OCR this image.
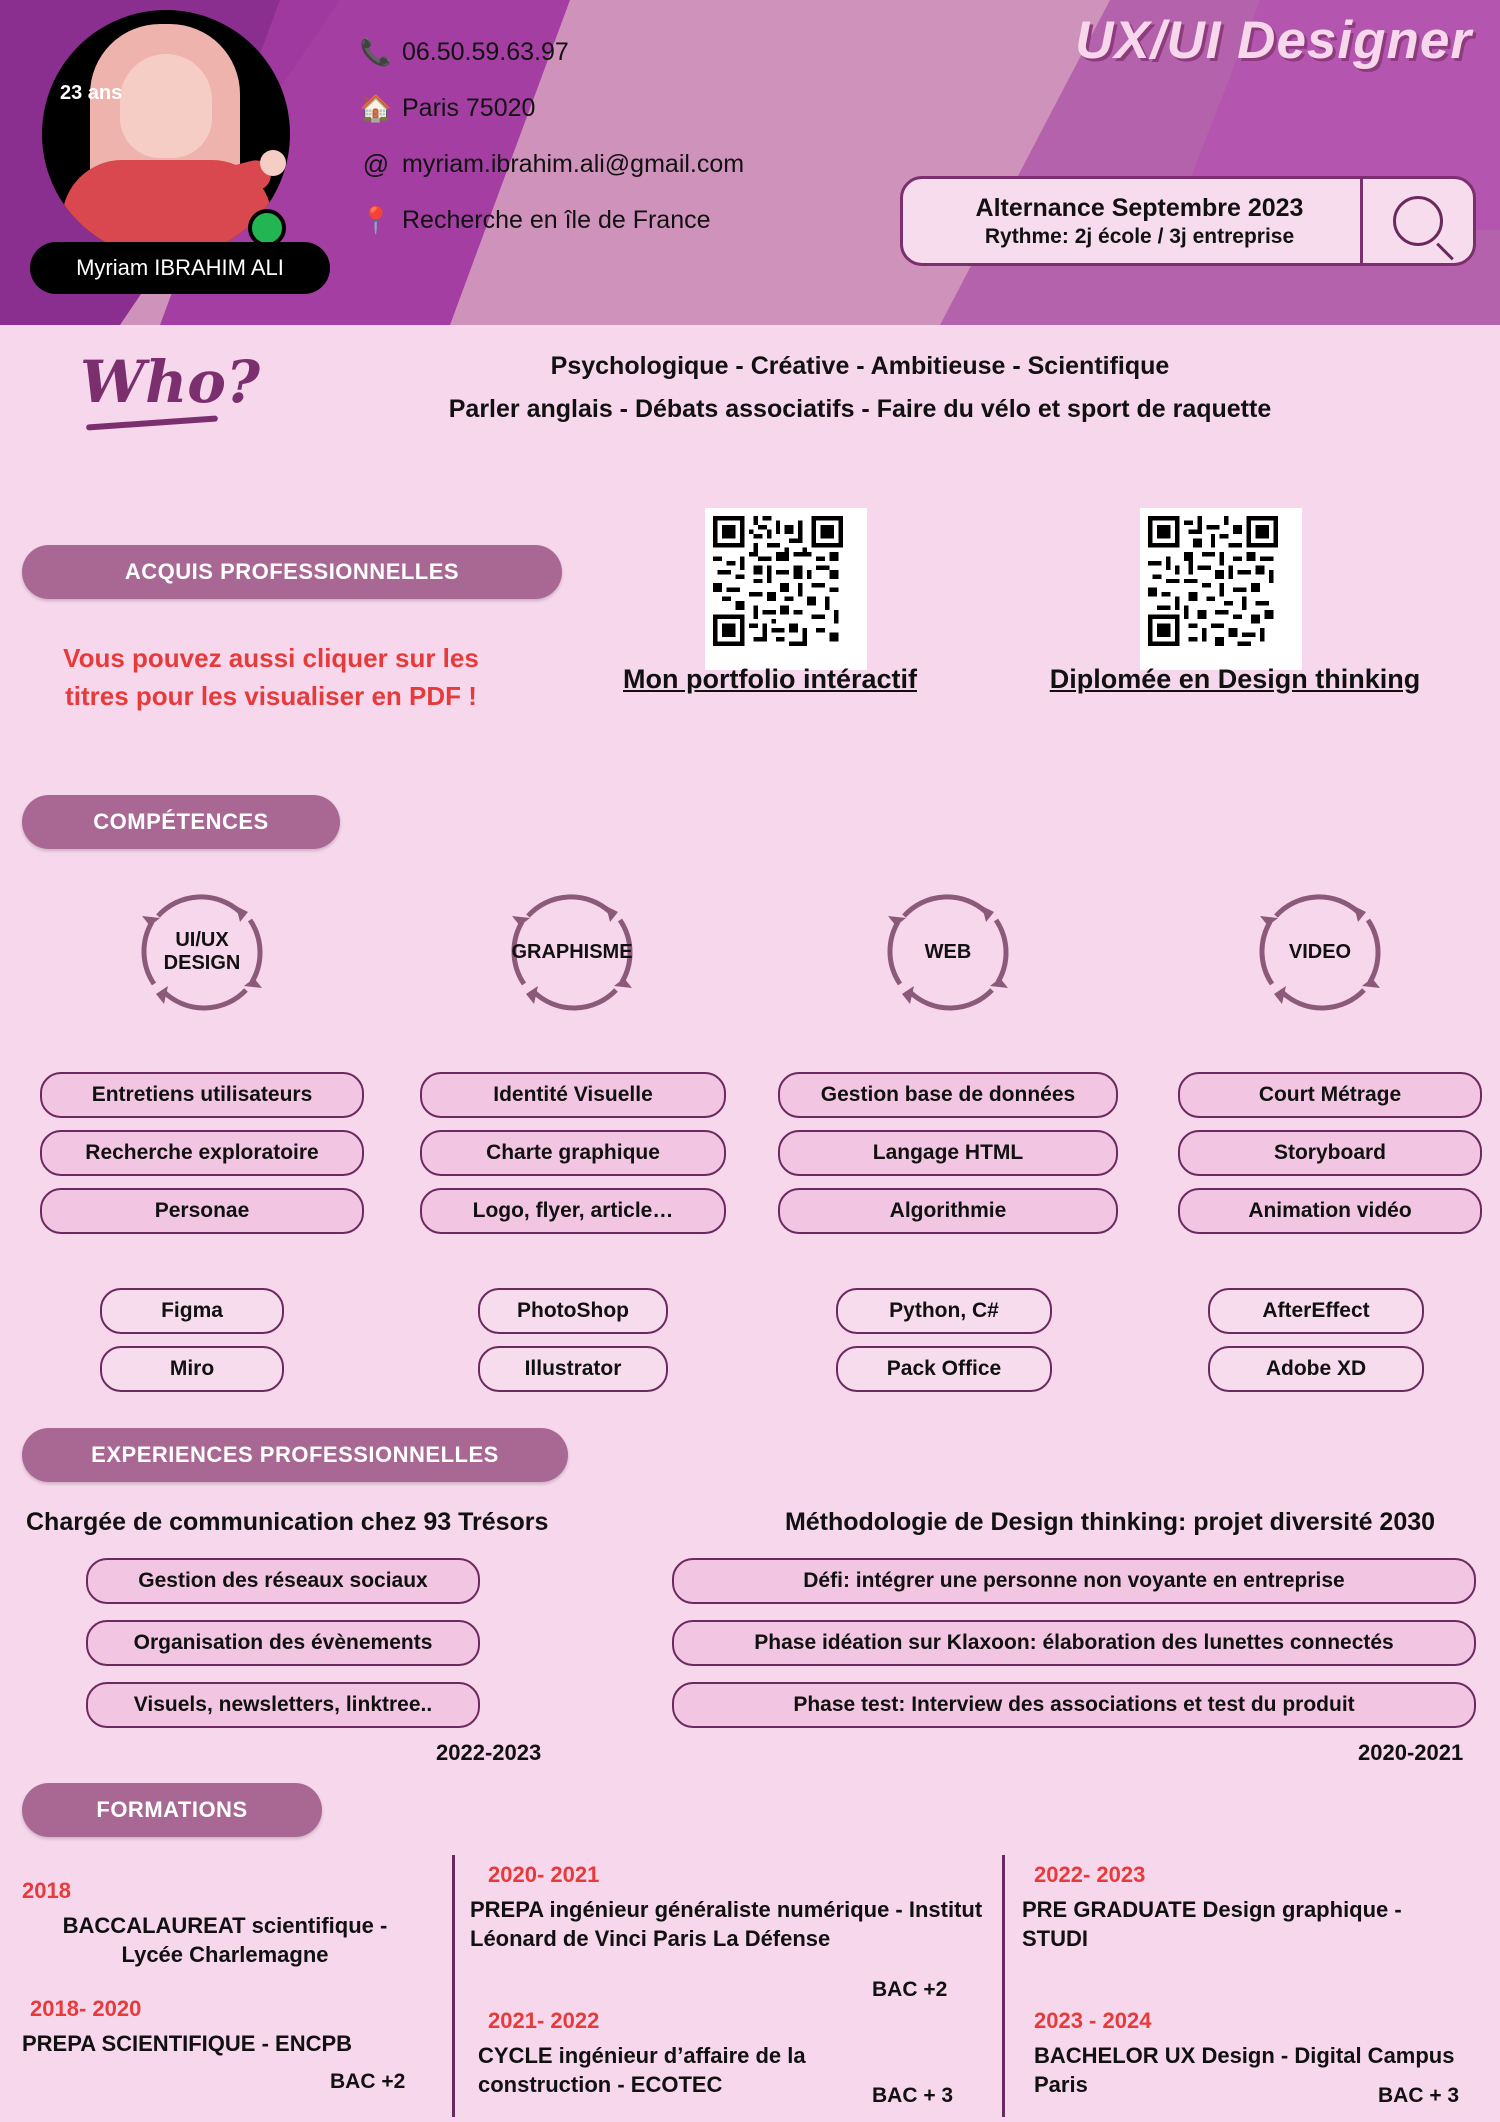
23 ans
Myriam IBRAHIM ALI
📞 06.50.59.63.97
🏠 Paris 75020
@ myriam.ibrahim.ali@gmail.com
📍 Recherche en île de France
UX/UI Designer
Alternance Septembre 2023
Rythme: 2j école / 3j entreprise
Who?	Psychologique - Créative - Ambitieuse - Scientifique
Parler anglais - Débats associatifs - Faire du vélo et sport de raquette
ACQUIS PROFESSIONNELLES
Vous pouvez aussi cliquer sur les titres pour les visualiser en PDF !
Mon portfolio intéractif	Diplomée en Design thinking
COMPÉTENCES
UI/UX
DESIGN
GRAPHISME	WEB	VIDEO
Entretiens utilisateurs
Recherche exploratoire
Personae
Figma
Miro
Identité Visuelle
Charte graphique
Logo, flyer, article…
PhotoShop
Illustrator
Gestion base de données
Langage HTML
Algorithmie
Python, C#
Pack Office
Court Métrage
Storyboard
Animation vidéo
AfterEffect
Adobe XD
EXPERIENCES PROFESSIONNELLES
Chargée de communication chez 93 Trésors
Gestion des réseaux sociaux
Organisation des évènements
Visuels, newsletters, linktree..
2022-2023
Méthodologie de Design thinking: projet diversité 2030
Défi: intégrer une personne non voyante en entreprise
Phase idéation sur Klaxoon: élaboration des lunettes connectés
Phase test: Interview des associations et test du produit
2020-2021
FORMATIONS
2018
BACCALAUREAT scientifique - Lycée Charlemagne
2018- 2020
PREPA SCIENTIFIQUE - ENCPB
BAC +2
2020- 2021
PREPA ingénieur généraliste numérique - Institut Léonard de Vinci Paris La Défense
BAC +2
2021- 2022
CYCLE ingénieur d’affaire de la construction - ECOTEC	BAC + 3
2022- 2023
PRE GRADUATE Design graphique - STUDI
2023 - 2024
BACHELOR UX Design - Digital Campus Paris	BAC + 3
